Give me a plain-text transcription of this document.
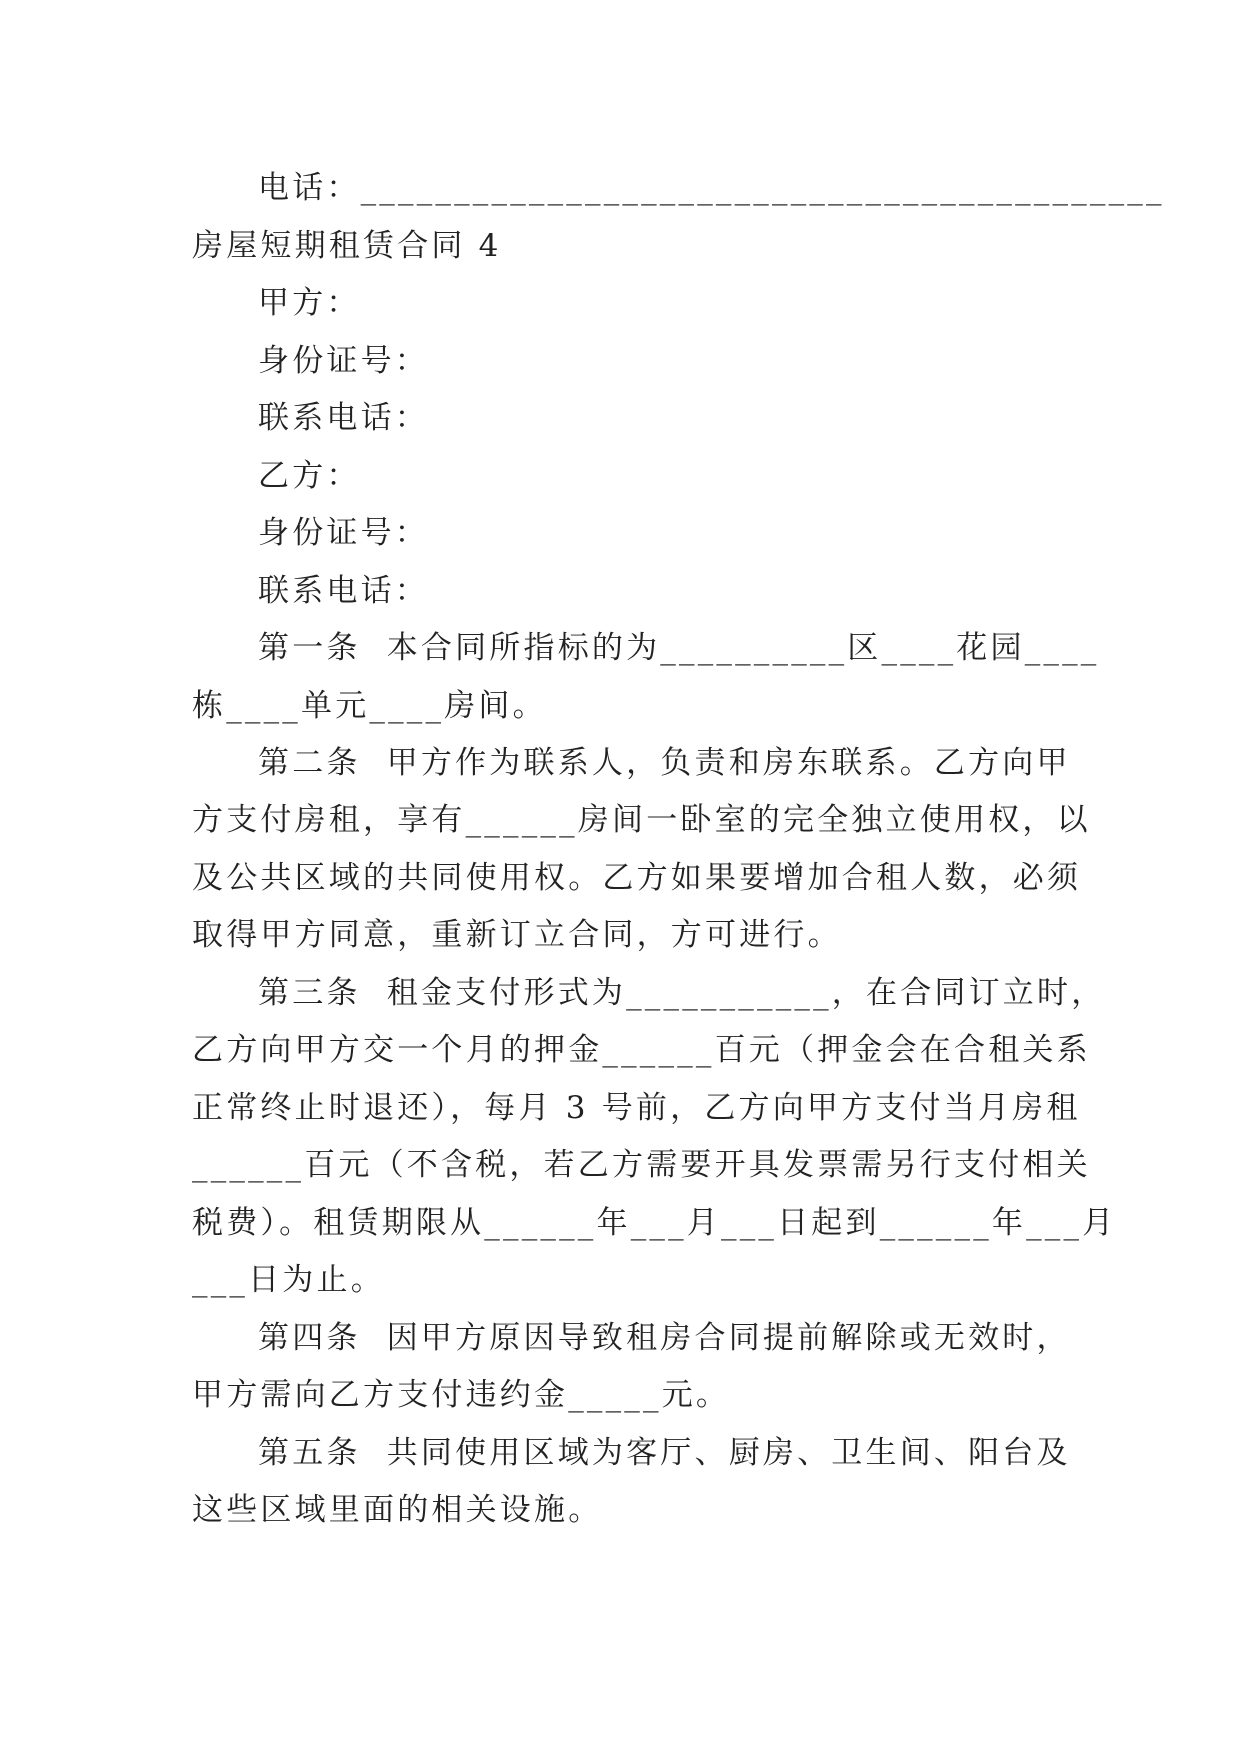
电话：___________________________________________
房屋短期租赁合同 4
甲方：
身份证号：
联系电话：
乙方：
身份证号：
联系电话：
第一条  本合同所指标的为__________区____花园____
栋____单元____房间。
第二条  甲方作为联系人，负责和房东联系。乙方向甲
方支付房租，享有______房间一卧室的完全独立使用权，以
及公共区域的共同使用权。乙方如果要增加合租人数，必须
取得甲方同意，重新订立合同，方可进行。
第三条  租金支付形式为___________，在合同订立时，
乙方向甲方交一个月的押金______百元（押金会在合租关系
正常终止时退还），每月 3 号前，乙方向甲方支付当月房租
______百元（不含税，若乙方需要开具发票需另行支付相关
税费）。租赁期限从______年___月___日起到______年___月
___日为止。
第四条  因甲方原因导致租房合同提前解除或无效时，
甲方需向乙方支付违约金_____元。
第五条  共同使用区域为客厅、厨房、卫生间、阳台及
这些区域里面的相关设施。
